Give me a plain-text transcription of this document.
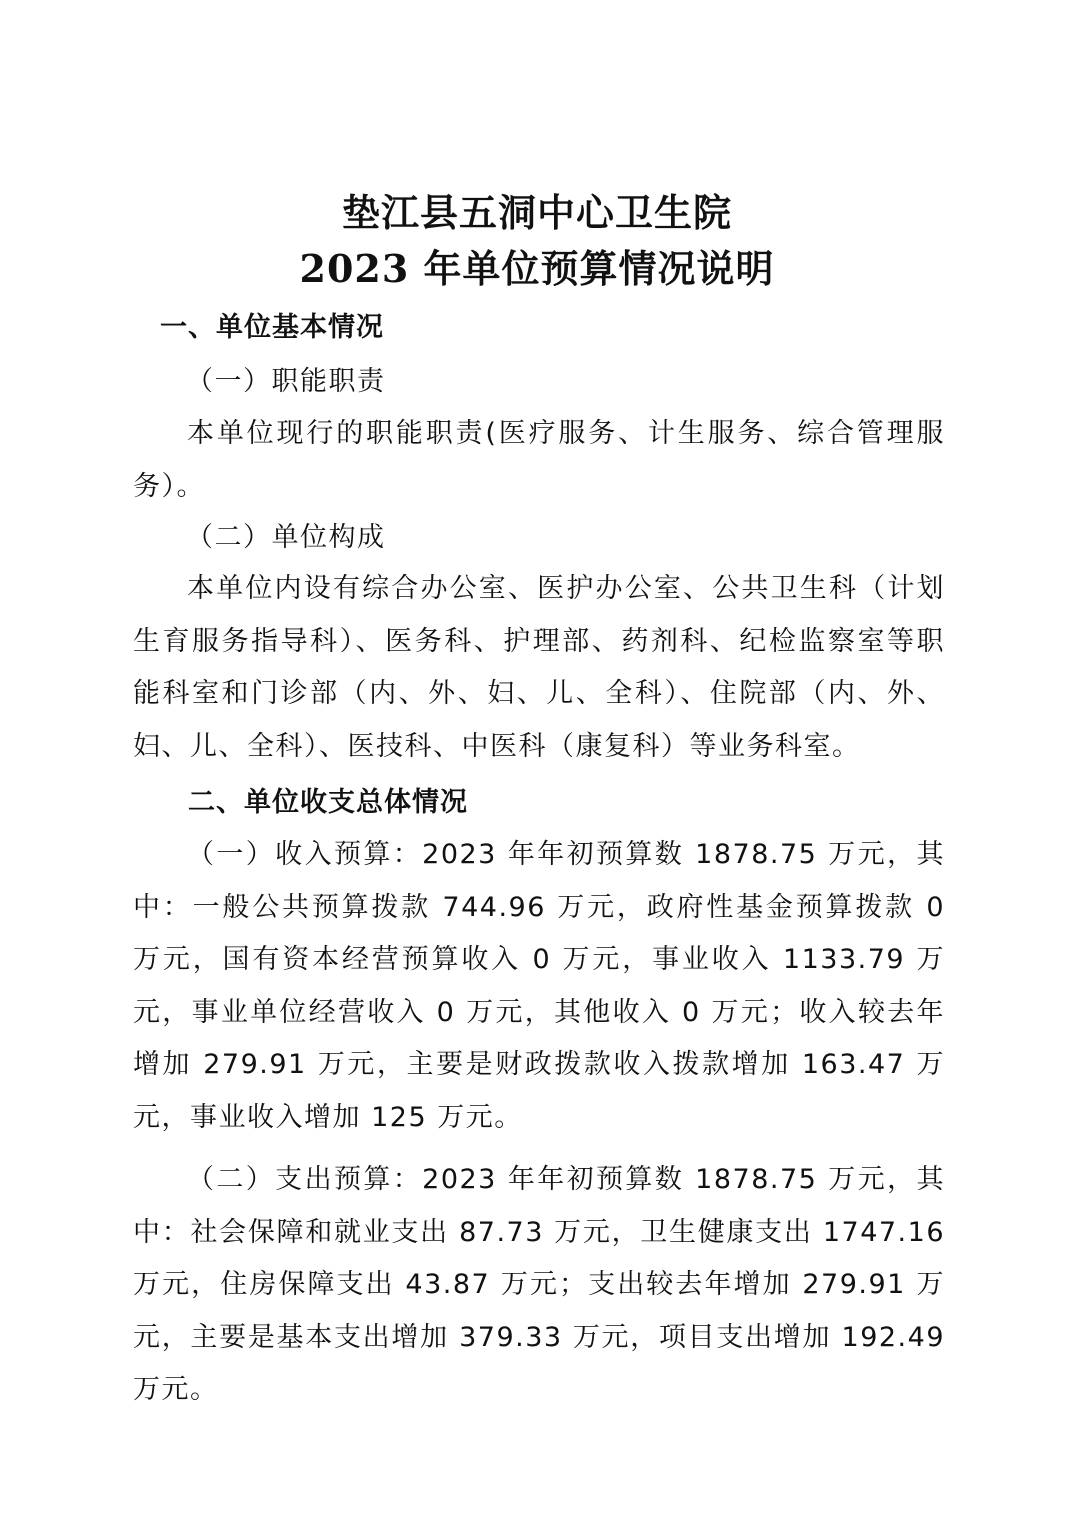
垫江县五洞中心卫生院
2023 年单位预算情况说明
一、单位基本情况
（一）职能职责

本单位现行的职能职责(医疗服务、计生服务、综合管理服务）。

（二）单位构成

本单位内设有综合办公室、医护办公室、公共卫生科（计划生育服务指导科）、医务科、护理部、药剂科、纪检监察室等职能科室和门诊部（内、外、妇、儿、全科）、住院部（内、外、妇、儿、全科）、医技科、中医科（康复科）等业务科室。

二、单位收支总体情况

（一）收入预算：2023 年年初预算数 1878.75 万元，其中：一般公共预算拨款 744.96 万元，政府性基金预算拨款 0 万元，国有资本经营预算收入 0 万元，事业收入 1133.79 万元，事业单位经营收入 0 万元，其他收入 0 万元；收入较去年增加 279.91 万元，主要是财政拨款收入拨款增加 163.47 万元，事业收入增加 125 万元。

（二）支出预算：2023 年年初预算数 1878.75 万元，其中：社会保障和就业支出 87.73 万元，卫生健康支出 1747.16 万元，住房保障支出 43.87 万元；支出较去年增加 279.91 万元，主要是基本支出增加 379.33 万元，项目支出增加 192.49 万元。
